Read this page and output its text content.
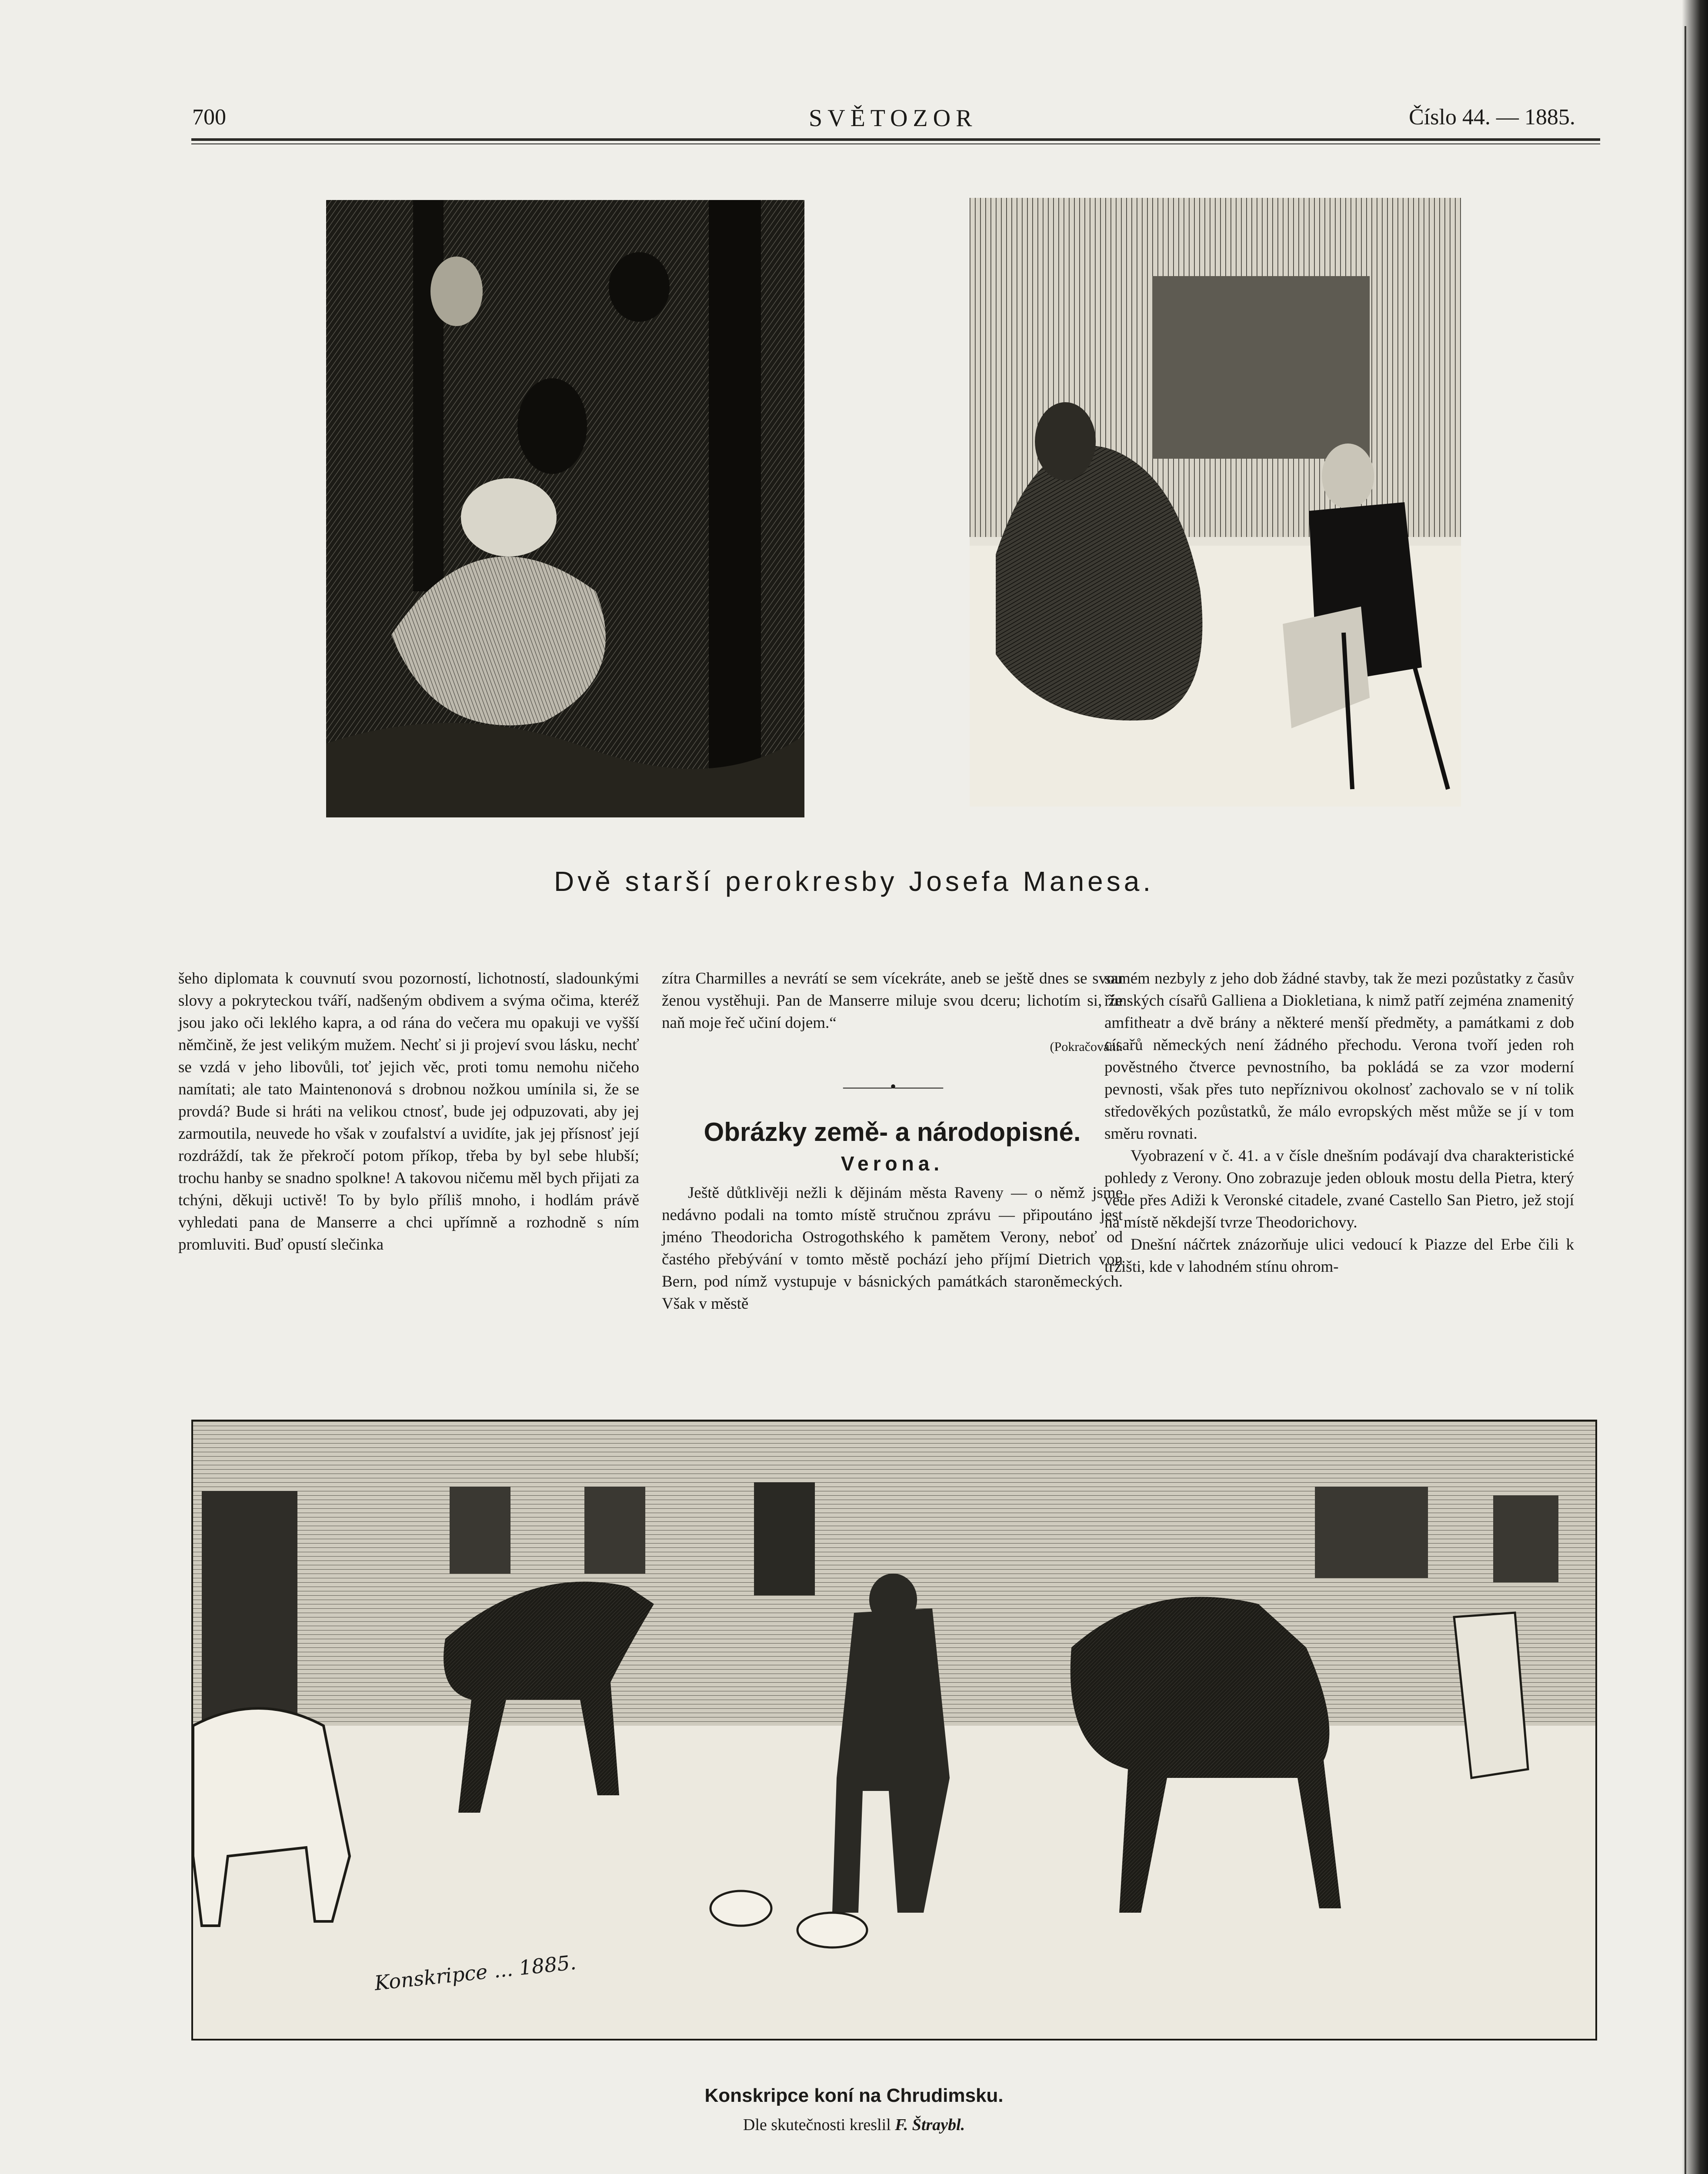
700	SVĚTOZOR	Číslo 44. — 1885.
Dvě starší perokresby Josefa Manesa.

šeho diplomata k couvnutí svou pozorností, lichotností, sladounkými slovy a pokryteckou tváří, nadšeným obdivem a svýma očima, kteréž jsou jako oči leklého kapra, a od rána do večera mu opakuji ve vyšší němčině, že jest velikým mužem. Nechť si ji projeví svou lásku, nechť se vzdá v jeho libovůli, toť jejich věc, proti tomu nemohu ničeho namítati; ale tato Maintenonová s drobnou nožkou umínila si, že se provdá? Bude si hráti na velikou ctnosť, bude jej odpuzovati, aby jej zarmoutila, neuvede ho však v zoufalství a uvidíte, jak jej přísnosť její rozdráždí, tak že překročí potom příkop, třeba by byl sebe hlubší; trochu hanby se snadno spolkne! A takovou ničemu měl bych přijati za tchýni, děkuji uctivě! To by bylo příliš mnoho, i hodlám právě vyhledati pana de Manserre a chci upřímně a rozhodně s ním promluviti. Buď opustí slečinka

zítra Charmilles a nevrátí se sem vícekráte, aneb se ještě dnes se svou ženou vystěhuji. Pan de Manserre miluje svou dceru; lichotím si, že naň moje řeč učiní dojem.“

(Pokračování.
———•———
Obrázky země- a národopisné.
Verona.

Ještě důtklivěji nežli k dějinám města Raveny — o němž jsme nedávno podali na tomto místě stručnou zprávu — připoutáno jest jméno Theodoricha Ostrogothského k pamětem Verony, neboť od častého přebývání v tomto městě pochází jeho příjmí Dietrich von Bern, pod nímž vystupuje v básnických památkách staroněmeckých. Však v městě

samém nezbyly z jeho dob žádné stavby, tak že mezi pozůstatky z časův římských císařů Galliena a Diokletiana, k nimž patří zejména znamenitý amfitheatr a dvě brány a některé menší předměty, a památkami z dob císařů německých není žádného přechodu. Verona tvoří jeden roh pověstného čtverce pevnostního, ba pokládá se za vzor moderní pevnosti, však přes tuto nepříznivou okolnosť zachovalo se v ní tolik středověkých pozůstatků, že málo evropských měst může se jí v tom směru rovnati.

Vyobrazení v č. 41. a v čísle dnešním podávají dva charakteristické pohledy z Verony. Ono zobrazuje jeden oblouk mostu della Pietra, který vede přes Adiži k Veronské citadele, zvané Castello San Pietro, jež stojí na místě někdejší tvrze Theodorichovy.

Dnešní náčrtek znázorňuje ulici vedoucí k Piazze del Erbe čili k tržišti, kde v lahodném stínu ohrom-

Konskripce ... 1885.
Konskripce koní na Chrudimsku.
Dle skutečnosti kreslil F. Štraybl.
